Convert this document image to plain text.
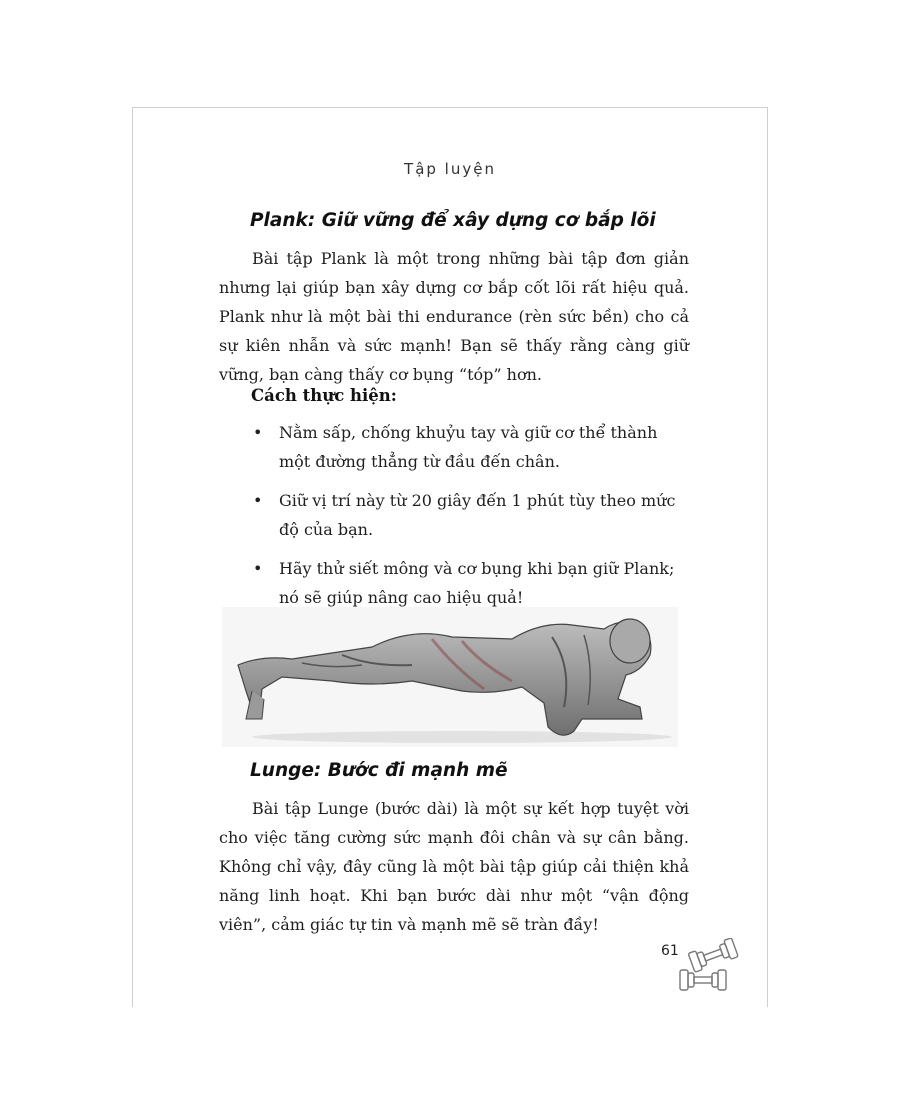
Tập luyện
Plank: Giữ vững để xây dựng cơ bắp lõi

Bài tập Plank là một trong những bài tập đơn giản nhưng lại giúp bạn xây dựng cơ bắp cốt lõi rất hiệu quả. Plank như là một bài thi endurance (rèn sức bền) cho cả sự kiên nhẫn và sức mạnh! Bạn sẽ thấy rằng càng giữ vững, bạn càng thấy cơ bụng “tóp” hơn.

Cách thực hiện:
• Nằm sấp, chống khuỷu tay và giữ cơ thể thành một đường thẳng từ đầu đến chân.
• Giữ vị trí này từ 20 giây đến 1 phút tùy theo mức độ của bạn.
• Hãy thử siết mông và cơ bụng khi bạn giữ Plank; nó sẽ giúp nâng cao hiệu quả!
Lunge: Bước đi mạnh mẽ

Bài tập Lunge (bước dài) là một sự kết hợp tuyệt vời cho việc tăng cường sức mạnh đôi chân và sự cân bằng. Không chỉ vậy, đây cũng là một bài tập giúp cải thiện khả năng linh hoạt. Khi bạn bước dài như một “vận động viên”, cảm giác tự tin và mạnh mẽ sẽ tràn đầy!

61
